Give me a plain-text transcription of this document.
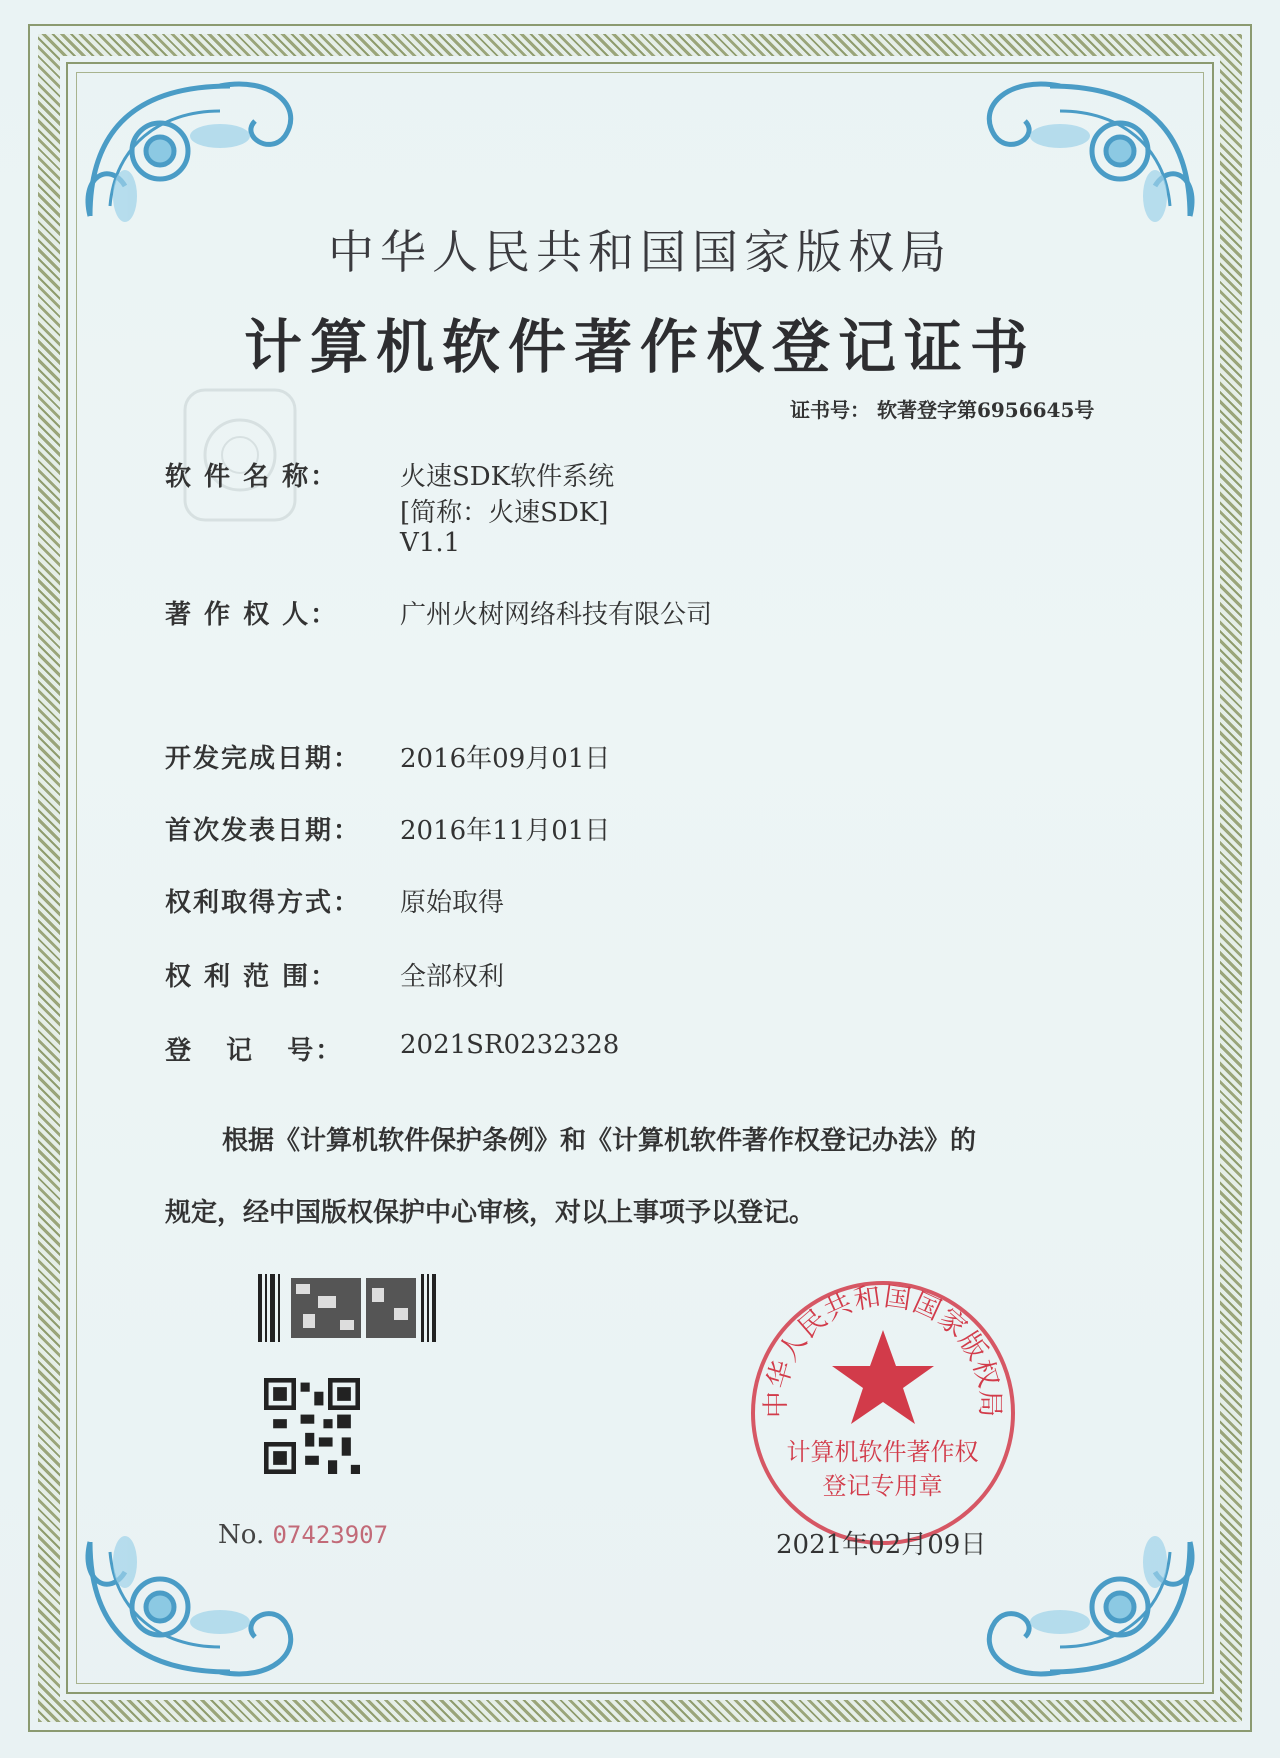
中华人民共和国国家版权局
计算机软件著作权登记证书
证书号： 软著登字第6956645号
软 件 名 称： 火速SDK软件系统
[简称：火速SDK]
V1.1
著 作 权 人： 广州火树网络科技有限公司
开发完成日期： 2016年09月01日
首次发表日期： 2016年11月01日
权利取得方式： 原始取得
权 利 范 围： 全部权利
登   记   号： 2021SR0232328
根据《计算机软件保护条例》和《计算机软件著作权登记办法》的
规定，经中国版权保护中心审核，对以上事项予以登记。
No. 07423907
中华人民共和国国家版权局
计算机软件著作权
登记专用章
2021年02月09日
